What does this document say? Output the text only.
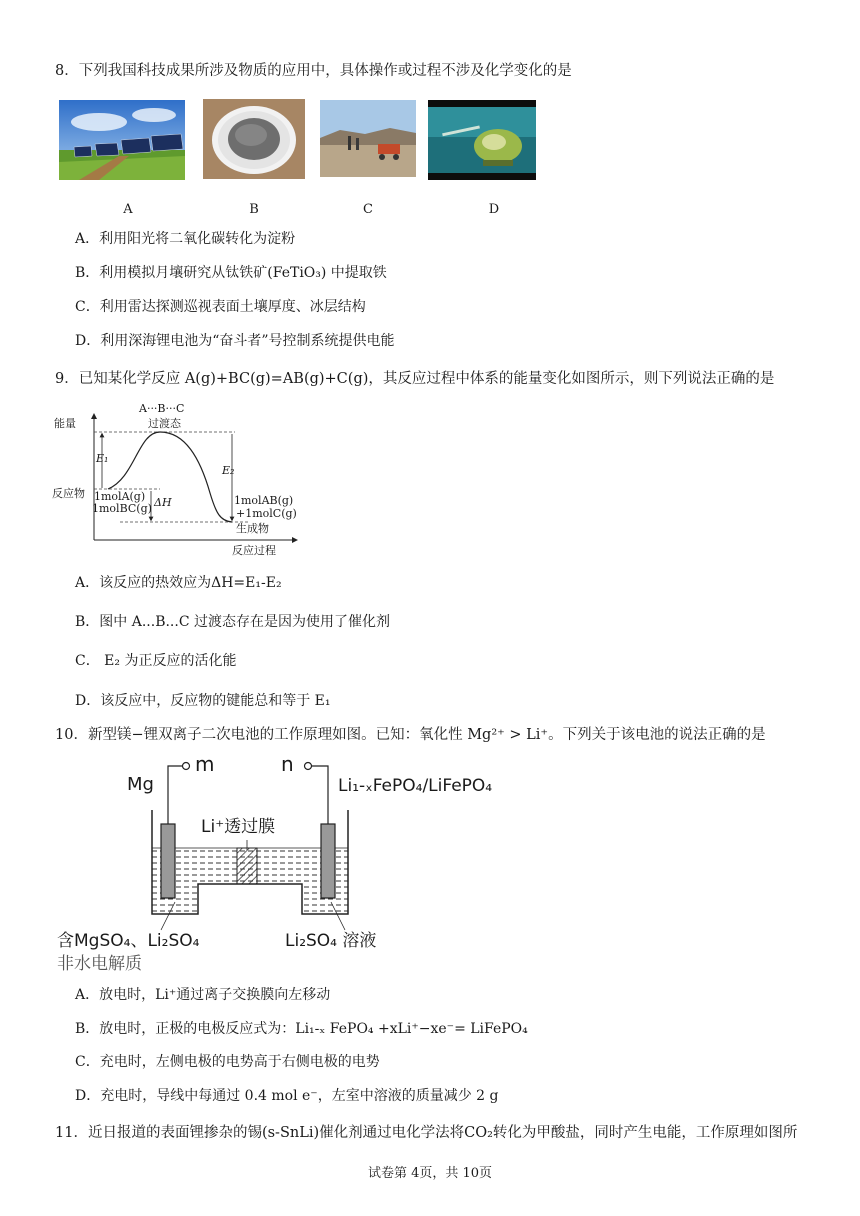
8．下列我国科技成果所涉及物质的应用中，具体操作或过程不涉及化学变化的是
A	B	C	D
A．利用阳光将二氧化碳转化为淀粉
B．利用模拟月壤研究从钛铁矿(FeTiO₃) 中提取铁
C．利用雷达探测巡视表面土壤厚度、冰层结构
D．利用深海锂电池为“奋斗者”号控制系统提供电能
9．已知某化学反应 A(g)+BC(g)=AB(g)+C(g)，其反应过程中体系的能量变化如图所示，则下列说法正确的是
能量
A···B···C
过渡态
E₁
E₂
反应物 1molA(g)
1molBC(g) ΔH	1molAB(g)
+1molC(g)
生成物
反应过程
A．该反应的热效应为ΔH=E₁-E₂
B．图中 A...B...C 过渡态存在是因为使用了催化剂
C． E₂ 为正反应的活化能
D．该反应中，反应物的键能总和等于 E₁
10．新型镁−锂双离子二次电池的工作原理如图。已知：氧化性 Mg²⁺ > Li⁺。下列关于该电池的说法正确的是
m	n
Mg	Li₁-ₓFePO₄/LiFePO₄
Li⁺透过膜
含MgSO₄、Li₂SO₄
非水电解质
Li₂SO₄ 溶液
A．放电时，Li⁺通过离子交换膜向左移动
B．放电时，正极的电极反应式为：Li₁-ₓ FePO₄ +xLi⁺−xe⁻= LiFePO₄
C．充电时，左侧电极的电势高于右侧电极的电势
D．充电时，导线中每通过 0.4 mol e⁻，左室中溶液的质量减少 2 g
11．近日报道的表面锂掺杂的锡(s-SnLi)催化剂通过电化学法将CO₂转化为甲酸盐，同时产生电能，工作原理如图所
试卷第 4页，共 10页
